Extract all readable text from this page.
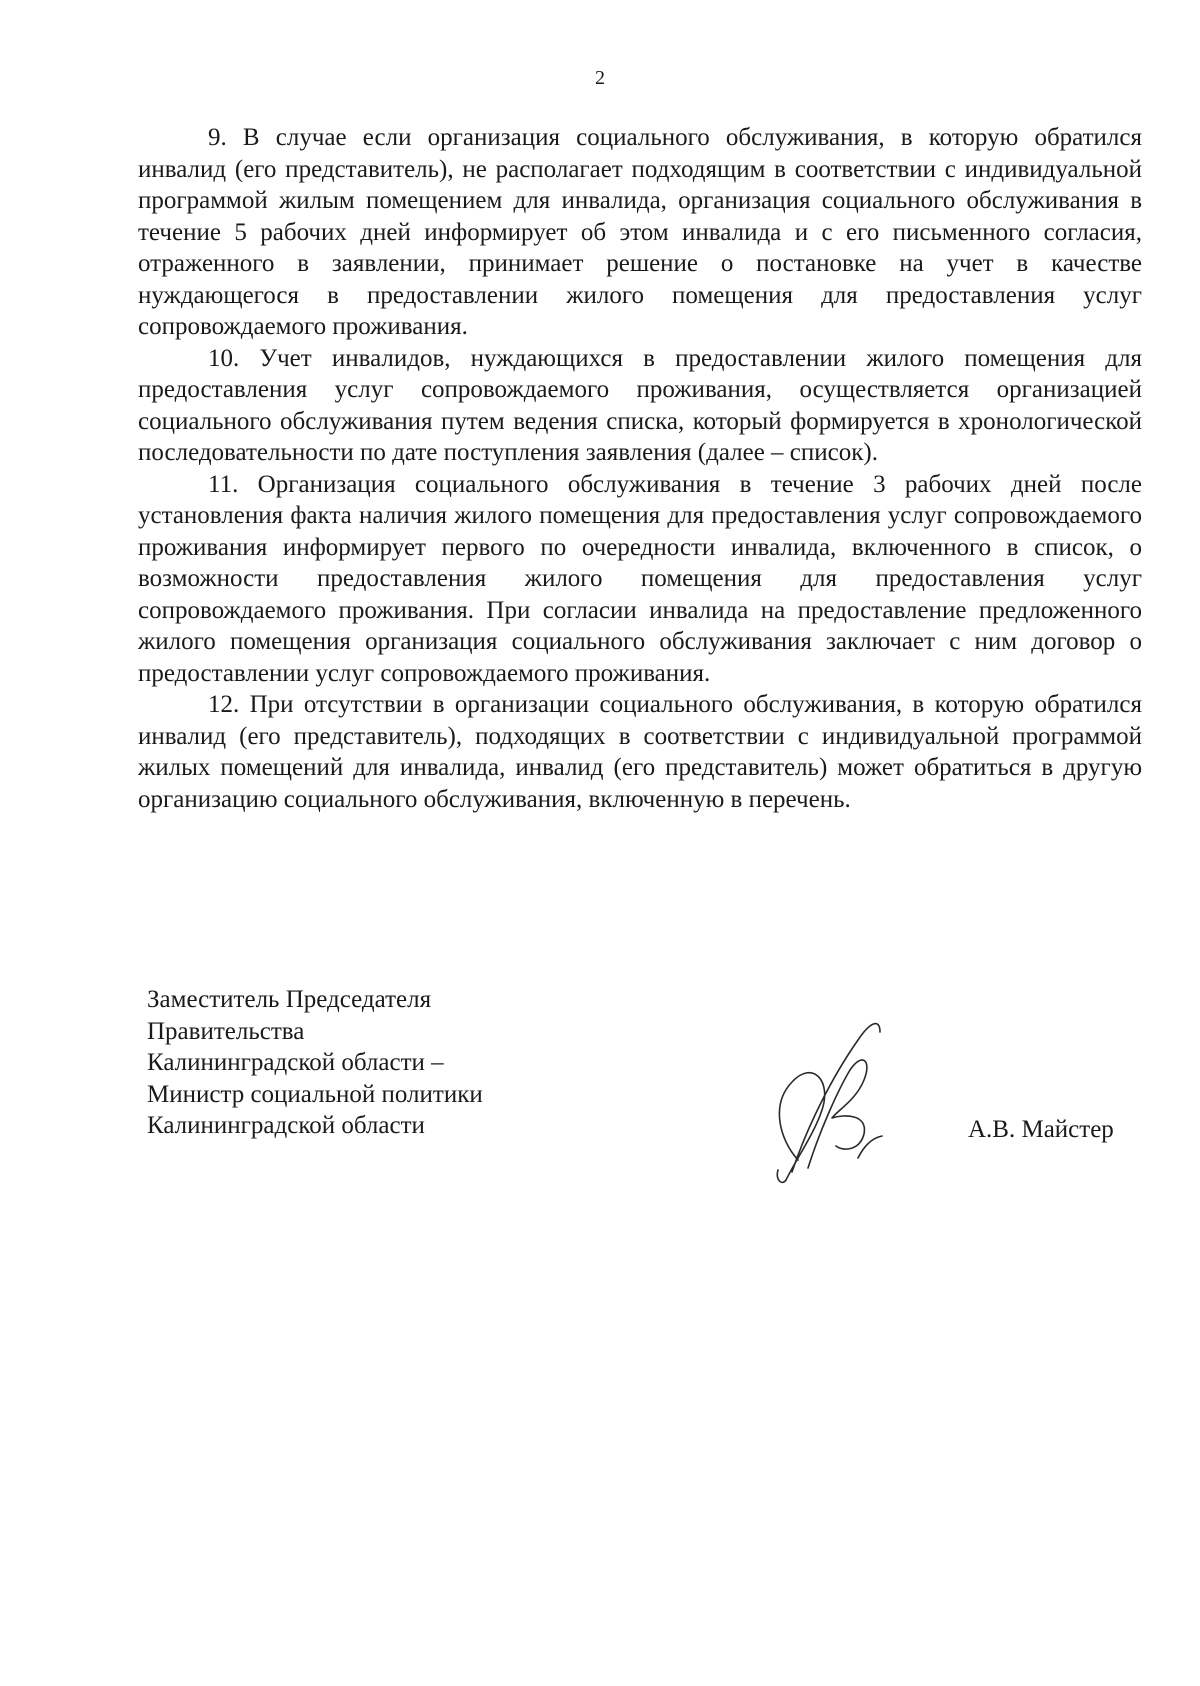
2

9. В случае если организация социального обслуживания, в которую обратился инвалид (его представитель), не располагает подходящим в соответствии с индивидуальной программой жилым помещением для инвалида, организация социального обслуживания в течение 5 рабочих дней информирует об этом инвалида и с его письменного согласия, отраженного в заявлении, принимает решение о постановке на учет в качестве нуждающегося в предоставлении жилого помещения для предоставления услуг сопровождаемого проживания.

10. Учет инвалидов, нуждающихся в предоставлении жилого помещения для предоставления услуг сопровождаемого проживания, осуществляется организацией социального обслуживания путем ведения списка, который формируется в хронологической последовательности по дате поступления заявления (далее – список).

11. Организация социального обслуживания в течение 3 рабочих дней после установления факта наличия жилого помещения для предоставления услуг сопровождаемого проживания информирует первого по очередности инвалида, включенного в список, о возможности предоставления жилого помещения для предоставления услуг сопровождаемого проживания. При согласии инвалида на предоставление предложенного жилого помещения организация социального обслуживания заключает с ним договор о предоставлении услуг сопровождаемого проживания.

12. При отсутствии в организации социального обслуживания, в которую обратился инвалид (его представитель), подходящих в соответствии с индивидуальной программой жилых помещений для инвалида, инвалид (его представитель) может обратиться в другую организацию социального обслуживания, включенную в перечень.

Заместитель Председателя
Правительства
Калининградской области –
Министр социальной политики
Калининградской области	А.В. Майстер
